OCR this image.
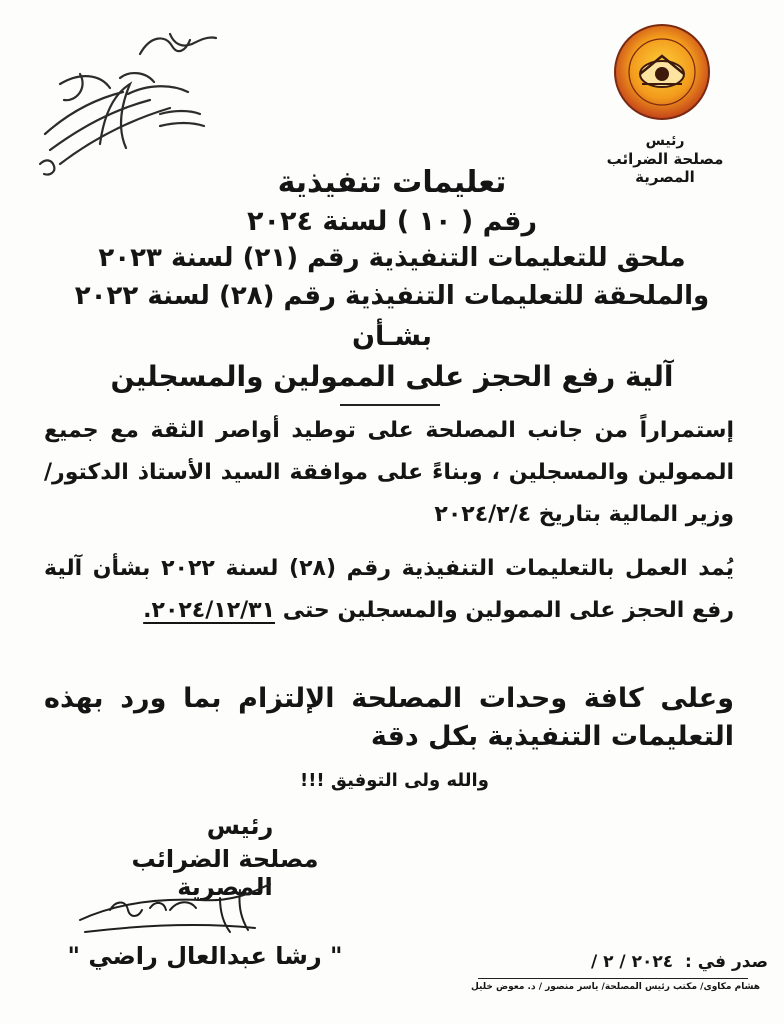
رئيس
مصلحة الضرائب المصرية
تعليمات تنفيذية
رقم ( ١٠ ) لسنة ٢٠٢٤
ملحق للتعليمات التنفيذية رقم (٢١) لسنة ٢٠٢٣
والملحقة للتعليمات التنفيذية رقم (٢٨) لسنة ٢٠٢٢
بشـأن
آلية رفع الحجز على الممولين والمسجلين
إستمراراً من جانب المصلحة على توطيد أواصر الثقة مع جميع الممولين والمسجلين ، وبناءً على موافقة السيد الأستاذ الدكتور/ وزير المالية بتاريخ ٢٠٢٤/٢/٤
يُمد العمل بالتعليمات التنفيذية رقم (٢٨) لسنة ٢٠٢٢ بشأن آلية رفع الحجز على الممولين والمسجلين حتى ٢٠٢٤/١٢/٣١.
وعلى كافة وحدات المصلحة الإلتزام بما ورد بهذه التعليمات التنفيذية بكل دقة
والله ولى التوفيق !!!
رئيس
مصلحة الضرائب المصرية
" رشا عبدالعال راضي "	صدر في : ٢٠٢٤ / ٢ /
هشام مكاوى/ مكتب رئيس المصلحة/ ياسر منصور / د. معوض خليل
